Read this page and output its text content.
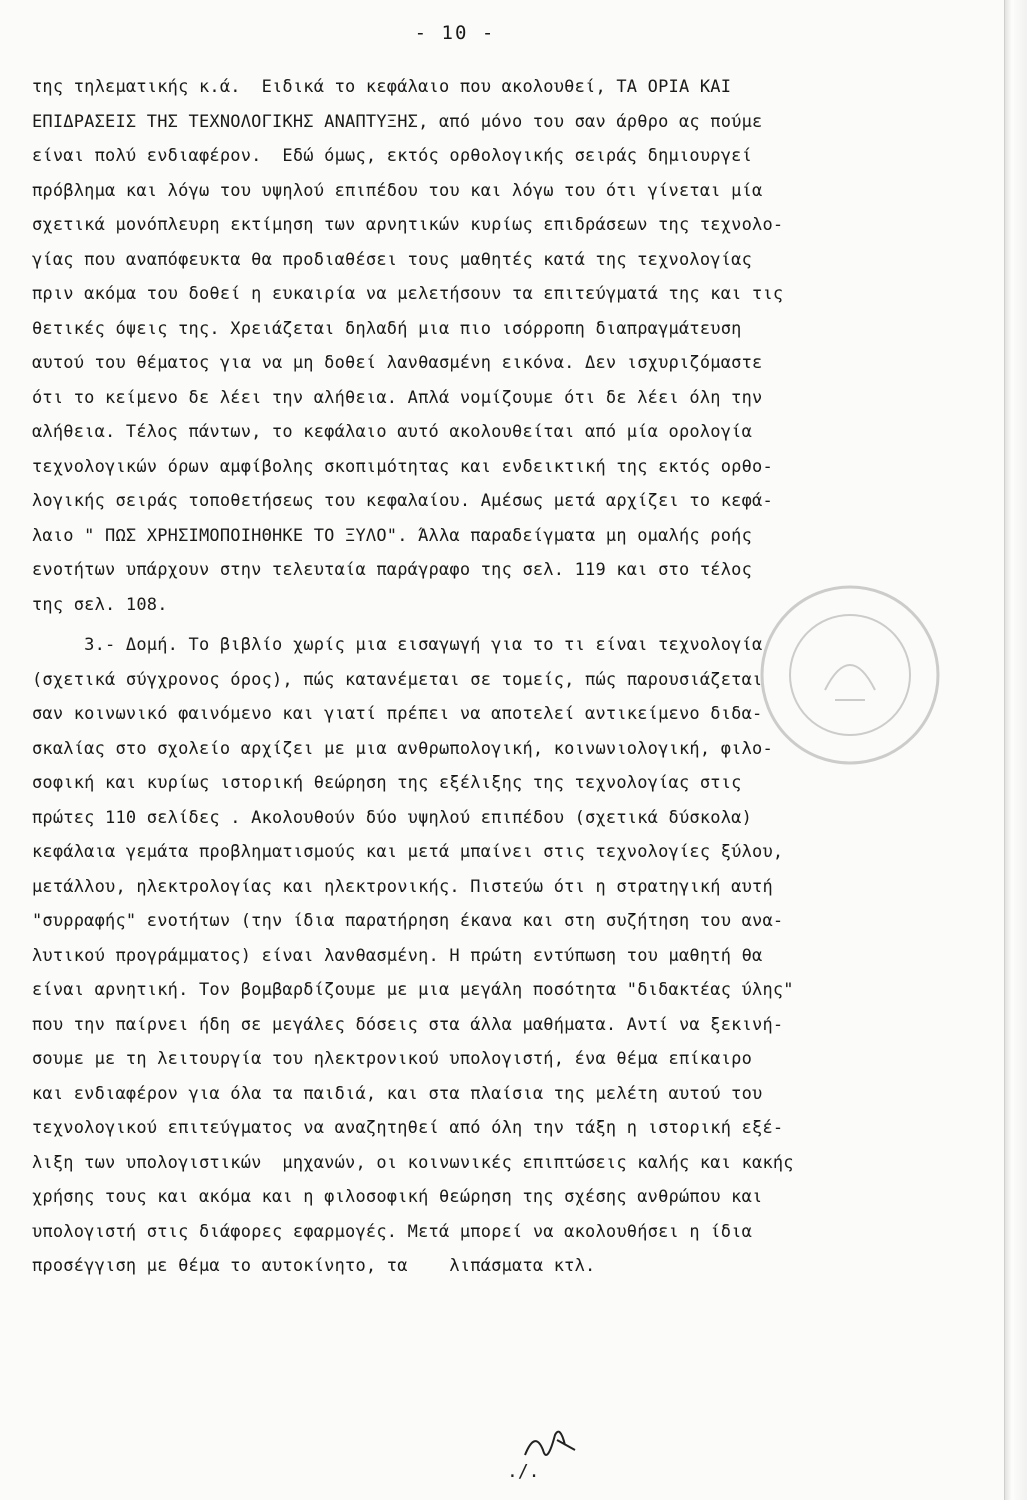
- 10 -
της τηλεματικής κ.ά.  Ειδικά το κεφάλαιο που ακολουθεί, ΤΑ ΟΡΙΑ ΚΑΙ
ΕΠΙΔΡΑΣΕΙΣ ΤΗΣ ΤΕΧΝΟΛΟΓΙΚΗΣ ΑΝΑΠΤΥΞΗΣ, από μόνο του σαν άρθρο ας πούμε
είναι πολύ ενδιαφέρον.  Εδώ όμως, εκτός ορθολογικής σειράς δημιουργεί
πρόβλημα και λόγω του υψηλού επιπέδου του και λόγω του ότι γίνεται μία
σχετικά μονόπλευρη εκτίμηση των αρνητικών κυρίως επιδράσεων της τεχνολο-
γίας που αναπόφευκτα θα προδιαθέσει τους μαθητές κατά της τεχνολογίας
πριν ακόμα του δοθεί η ευκαιρία να μελετήσουν τα επιτεύγματά της και τις
θετικές όψεις της. Χρειάζεται δηλαδή μια πιο ισόρροπη διαπραγμάτευση
αυτού του θέματος για να μη δοθεί λανθασμένη εικόνα. Δεν ισχυριζόμαστε
ότι το κείμενο δε λέει την αλήθεια. Απλά νομίζουμε ότι δε λέει όλη την
αλήθεια. Τέλος πάντων, το κεφάλαιο αυτό ακολουθείται από μία ορολογία
τεχνολογικών όρων αμφίβολης σκοπιμότητας και ενδεικτική της εκτός ορθο-
λογικής σειράς τοποθετήσεως του κεφαλαίου. Αμέσως μετά αρχίζει το κεφά-
λαιο " ΠΩΣ ΧΡΗΣΙΜΟΠΟΙΗΘΗΚΕ ΤΟ ΞΥΛΟ". Άλλα παραδείγματα μη ομαλής ροής
ενοτήτων υπάρχουν στην τελευταία παράγραφο της σελ. 119 και στο τέλος
της σελ. 108.
3.- Δομή. Το βιβλίο χωρίς μια εισαγωγή για το τι είναι τεχνολογία
(σχετικά σύγχρονος όρος), πώς κατανέμεται σε τομείς, πώς παρουσιάζεται
σαν κοινωνικό φαινόμενο και γιατί πρέπει να αποτελεί αντικείμενο διδα-
σκαλίας στο σχολείο αρχίζει με μια ανθρωπολογική, κοινωνιολογική, φιλο-
σοφική και κυρίως ιστορική θεώρηση της εξέλιξης της τεχνολογίας στις
πρώτες 110 σελίδες . Ακολουθούν δύο υψηλού επιπέδου (σχετικά δύσκολα)
κεφάλαια γεμάτα προβληματισμούς και μετά μπαίνει στις τεχνολογίες ξύλου,
μετάλλου, ηλεκτρολογίας και ηλεκτρονικής. Πιστεύω ότι η στρατηγική αυτή
"συρραφής" ενοτήτων (την ίδια παρατήρηση έκανα και στη συζήτηση του ανα-
λυτικού προγράμματος) είναι λανθασμένη. Η πρώτη εντύπωση του μαθητή θα
είναι αρνητική. Τον βομβαρδίζουμε με μια μεγάλη ποσότητα "διδακτέας ύλης"
που την παίρνει ήδη σε μεγάλες δόσεις στα άλλα μαθήματα. Αντί να ξεκινή-
σουμε με τη λειτουργία του ηλεκτρονικού υπολογιστή, ένα θέμα επίκαιρο
και ενδιαφέρον για όλα τα παιδιά, και στα πλαίσια της μελέτη αυτού του
τεχνολογικού επιτεύγματος να αναζητηθεί από όλη την τάξη η ιστορική εξέ-
λιξη των υπολογιστικών  μηχανών, οι κοινωνικές επιπτώσεις καλής και κακής
χρήσης τους και ακόμα και η φιλοσοφική θεώρηση της σχέσης ανθρώπου και
υπολογιστή στις διάφορες εφαρμογές. Μετά μπορεί να ακολουθήσει η ίδια
προσέγγιση με θέμα το αυτοκίνητο, τα    λιπάσματα κτλ.
./.
